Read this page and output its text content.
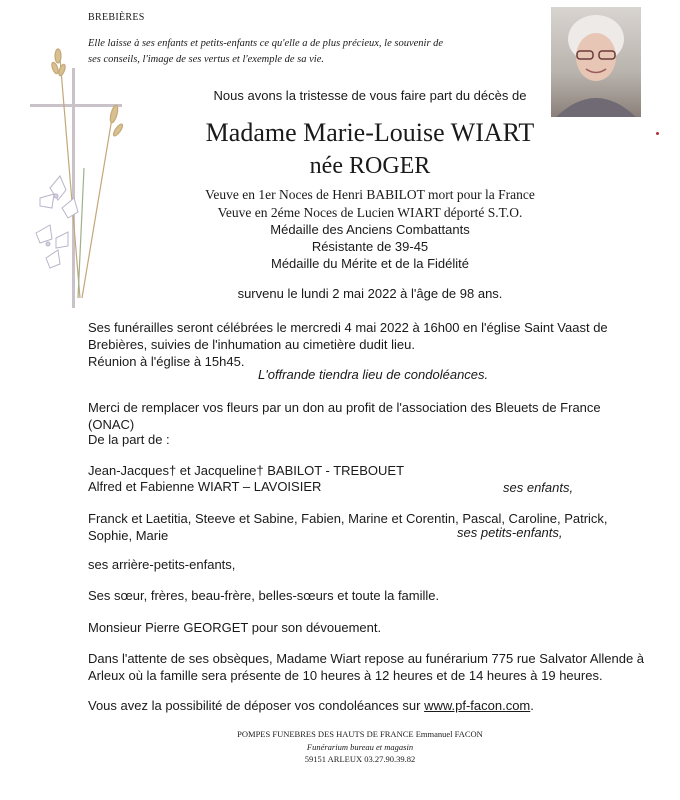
BREBIÈRES
Elle laisse à ses enfants et petits-enfants ce qu'elle a de plus précieux, le souvenir de ses conseils, l'image de ses vertus et l'exemple de sa vie.
Nous avons la tristesse de vous faire part du décès de
Madame Marie-Louise WIART
née ROGER
Veuve en 1er Noces de Henri BABILOT mort pour la France
Veuve en 2éme Noces de Lucien WIART déporté S.T.O.
Médaille des Anciens Combattants
Résistante de 39-45
Médaille du Mérite et de la Fidélité
survenu le lundi 2 mai 2022 à l'âge de 98 ans.
Ses funérailles seront célébrées le mercredi 4 mai 2022 à 16h00 en l'église Saint Vaast de Brebières, suivies de l'inhumation au cimetière dudit lieu.
Réunion à l'église à 15h45.
L'offrande tiendra lieu de condoléances.
Merci de remplacer vos fleurs par un don au profit de l'association des Bleuets de France (ONAC)
De la part de :
Jean-Jacques† et Jacqueline† BABILOT - TREBOUET
Alfred et Fabienne WIART – LAVOISIER	ses enfants,
Franck et Laetitia, Steeve et Sabine, Fabien, Marine et Corentin, Pascal, Caroline, Patrick, Sophie, Marie	ses petits-enfants,
ses arrière-petits-enfants,
Ses sœur, frères, beau-frère, belles-sœurs et toute la famille.
Monsieur Pierre GEORGET pour son dévouement.
Dans l'attente de ses obsèques, Madame Wiart repose au funérarium 775 rue Salvator Allende à Arleux où la famille sera présente de 10 heures à 12 heures et de 14 heures à 19 heures.
Vous avez la possibilité de déposer vos condoléances sur www.pf-facon.com.
POMPES FUNEBRES DES HAUTS DE FRANCE Emmanuel FACON
Funérarium bureau et magasin
59151 ARLEUX 03.27.90.39.82
